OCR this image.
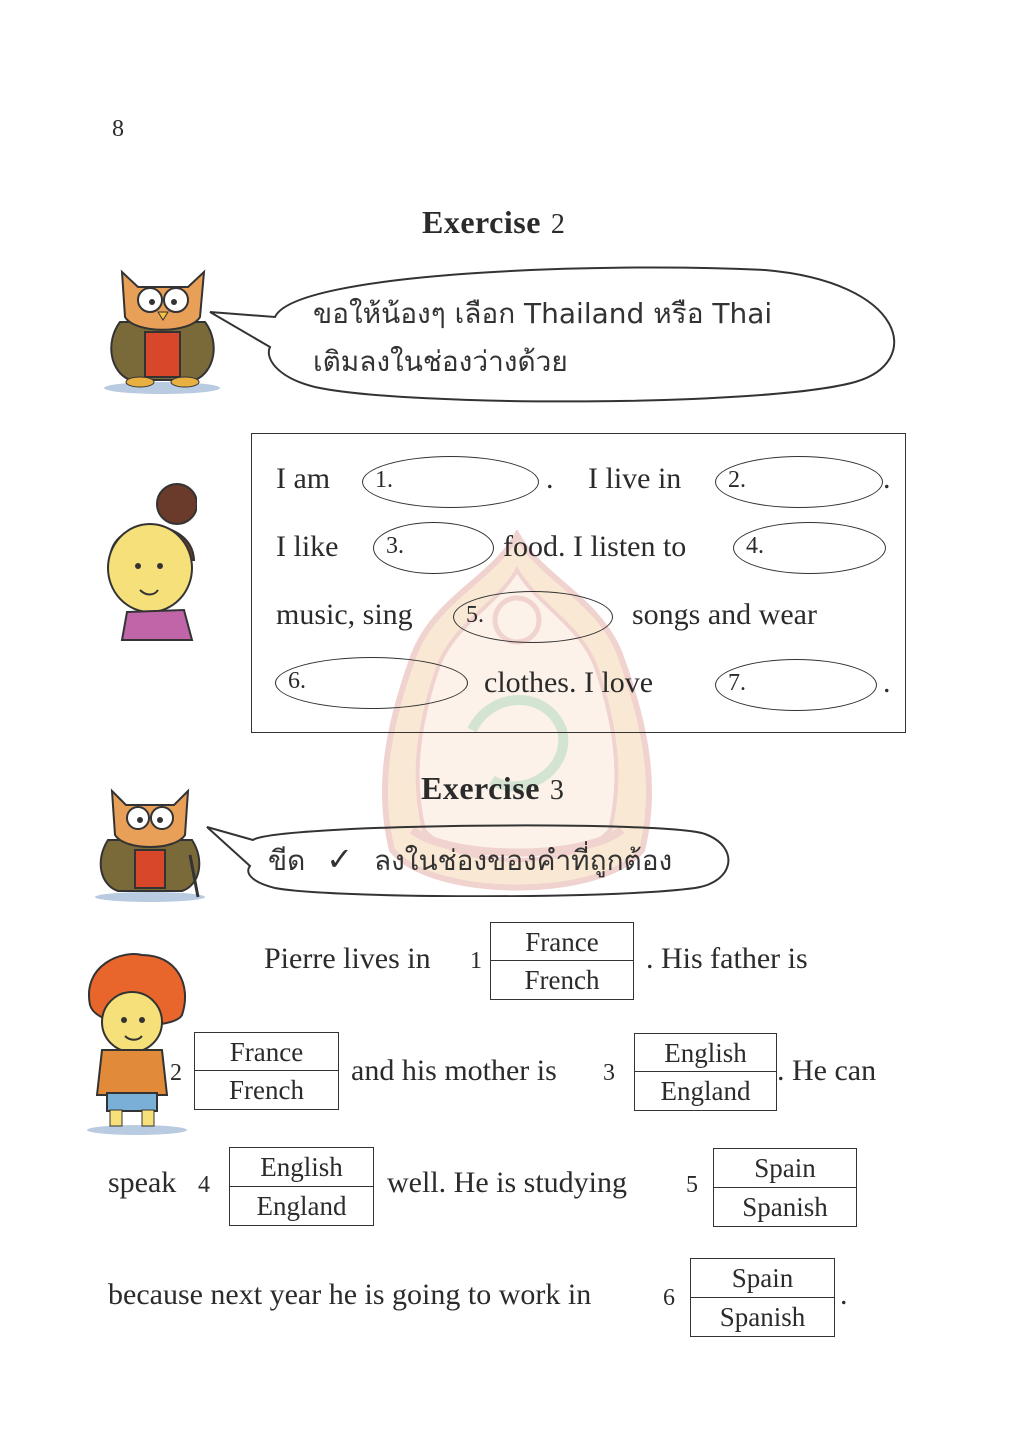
8
Exercise 2
ขอให้น้องๆ เลือก Thailand หรือ Thai
เติมลงในช่องว่างด้วย
I am 1.	. I live in 2.	.
I like 3.	food. I listen to 4.
music, sing 5.	songs and wear
6.	clothes. I love	7.	.
Exercise 3
ขีด ✓ ลงในช่องของคำที่ถูกต้อง
Pierre lives in 1
France
French
. His father is
2
France
French
and his mother is 3
English
England
. He can
speak 4
English
England
well. He is studying 5
Spain
Spanish
because next year he is going to work in	6
Spain
Spanish
.
